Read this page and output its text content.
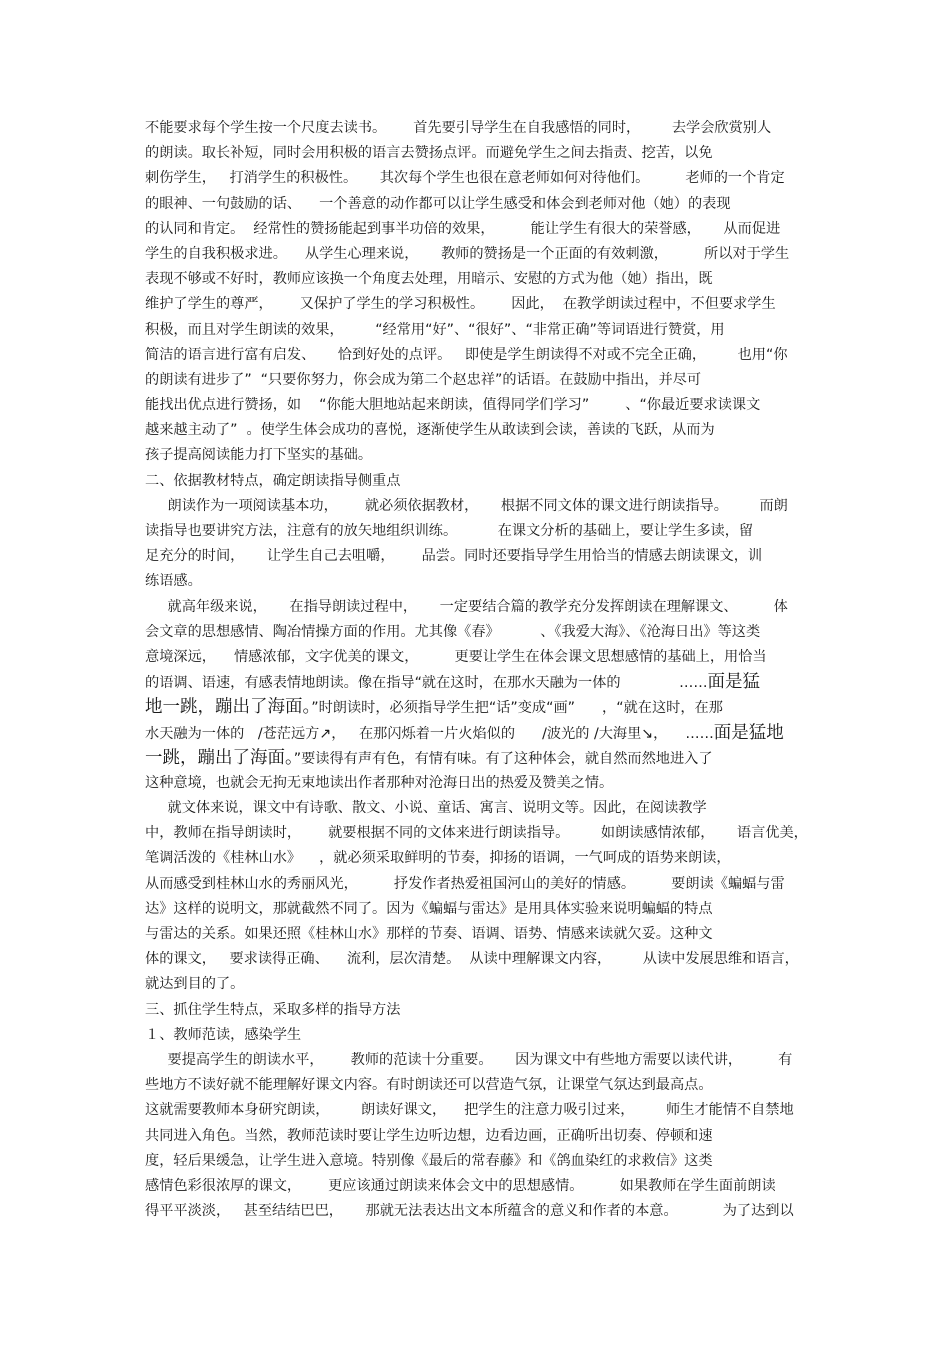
不能要求每个学生按一个尺度去读书。      首先要引导学生在自我感悟的同时，       去学会欣赏别人
的朗读。取长补短，同时会用积极的语言去赞扬点评。而避免学生之间去指责、挖苦，以免
刺伤学生，   打消学生的积极性。     其次每个学生也很在意老师如何对待他们。        老师的一个肯定
的眼神、一句鼓励的话、    一个善意的动作都可以让学生感受和体会到老师对他（她）的表现
的认同和肯定。  经常性的赞扬能起到事半功倍的效果，        能让学生有很大的荣誉感，     从而促进
学生的自我积极求进。    从学生心理来说，     教师的赞扬是一个正面的有效刺激，        所以对于学生
表现不够或不好时，教师应该换一个角度去处理，用暗示、安慰的方式为他（她）指出，既
维护了学生的尊严，      又保护了学生的学习积极性。      因此，  在教学朗读过程中，不但要求学生
积极，而且对学生朗读的效果，       “经常用“好”、“很好”、“非常正确”等词语进行赞赏，用
简洁的语言进行富有启发、     恰到好处的点评。   即使是学生朗读得不对或不完全正确，       也用“你
的朗读有进步了”  “只要你努力，你会成为第二个赵忠祥”的话语。在鼓励中指出，并尽可
能找出优点进行赞扬，如    “你能大胆地站起来朗读，值得同学们学习”        、“你最近要求读课文
越来越主动了”  。使学生体会成功的喜悦，逐渐使学生从敢读到会读，善读的飞跃，从而为
孩子提高阅读能力打下坚实的基础。
二、依据教材特点，确定朗读指导侧重点
朗读作为一项阅读基本功，      就必须依据教材，     根据不同文体的课文进行朗读指导。       而朗
读指导也要讲究方法，注意有的放矢地组织训练。         在课文分析的基础上，要让学生多读，留
足充分的时间，     让学生自己去咀嚼，      品尝。同时还要指导学生用恰当的情感去朗读课文，训
练语感。
就高年级来说，     在指导朗读过程中，     一定要结合篇的教学充分发挥朗读在理解课文、        体
会文章的思想感情、陶冶情操方面的作用。尤其像《春》         、《我爱大海》、《沧海日出》等这类
意境深远，    情感浓郁，文字优美的课文，        更要让学生在体会课文思想感情的基础上，用恰当
的语调、语速，有感表情地朗读。像在指导“就在这时，在那水天融为一体的             ……面是猛
地一跳，蹦出了海面。”时朗读时，必须指导学生把“话”变成“画”      ，“就在这时，在那
水天融为一体的   /苍茫远方↗，   在那闪烁着一片火焰似的      /波光的 /大海里↘，    ……面是猛地
一跳，蹦出了海面。”要读得有声有色，有情有味。有了这种体会，就自然而然地进入了
这种意境，也就会无拘无束地读出作者那种对沧海日出的热爱及赞美之情。
就文体来说，课文中有诗歌、散文、小说、童话、寓言、说明文等。因此，在阅读教学
中，教师在指导朗读时，      就要根据不同的文体来进行朗读指导。       如朗读感情浓郁，     语言优美，
笔调活泼的《桂林山水》    ，就必须采取鲜明的节奏，抑扬的语调，一气呵成的语势来朗读，
从而感受到桂林山水的秀丽风光，        抒发作者热爱祖国河山的美好的情感。        要朗读《蝙蝠与雷
达》这样的说明文，那就截然不同了。因为《蝙蝠与雷达》是用具体实验来说明蝙蝠的特点
与雷达的关系。如果还照《桂林山水》那样的节奏、语调、语势、情感来读就欠妥。这种文
体的课文，   要求读得正确、    流利，层次清楚。  从读中理解课文内容，       从读中发展思维和语言，
就达到目的了。
三、抓住学生特点，采取多样的指导方法
１、教师范读，感染学生
要提高学生的朗读水平，      教师的范读十分重要。     因为课文中有些地方需要以读代讲，        有
些地方不读好就不能理解好课文内容。有时朗读还可以营造气氛，让课堂气氛达到最高点。
这就需要教师本身研究朗读，       朗读好课文，    把学生的注意力吸引过来，       师生才能情不自禁地
共同进入角色。当然，教师范读时要让学生边听边想，边看边画，正确听出切奏、停顿和速
度，轻后果缓急，让学生进入意境。特别像《最后的常春藤》和《鸽血染红的求救信》这类
感情色彩很浓厚的课文，      更应该通过朗读来体会文中的思想感情。        如果教师在学生面前朗读
得平平淡淡，   甚至结结巴巴，     那就无法表达出文本所蕴含的意义和作者的本意。          为了达到以
